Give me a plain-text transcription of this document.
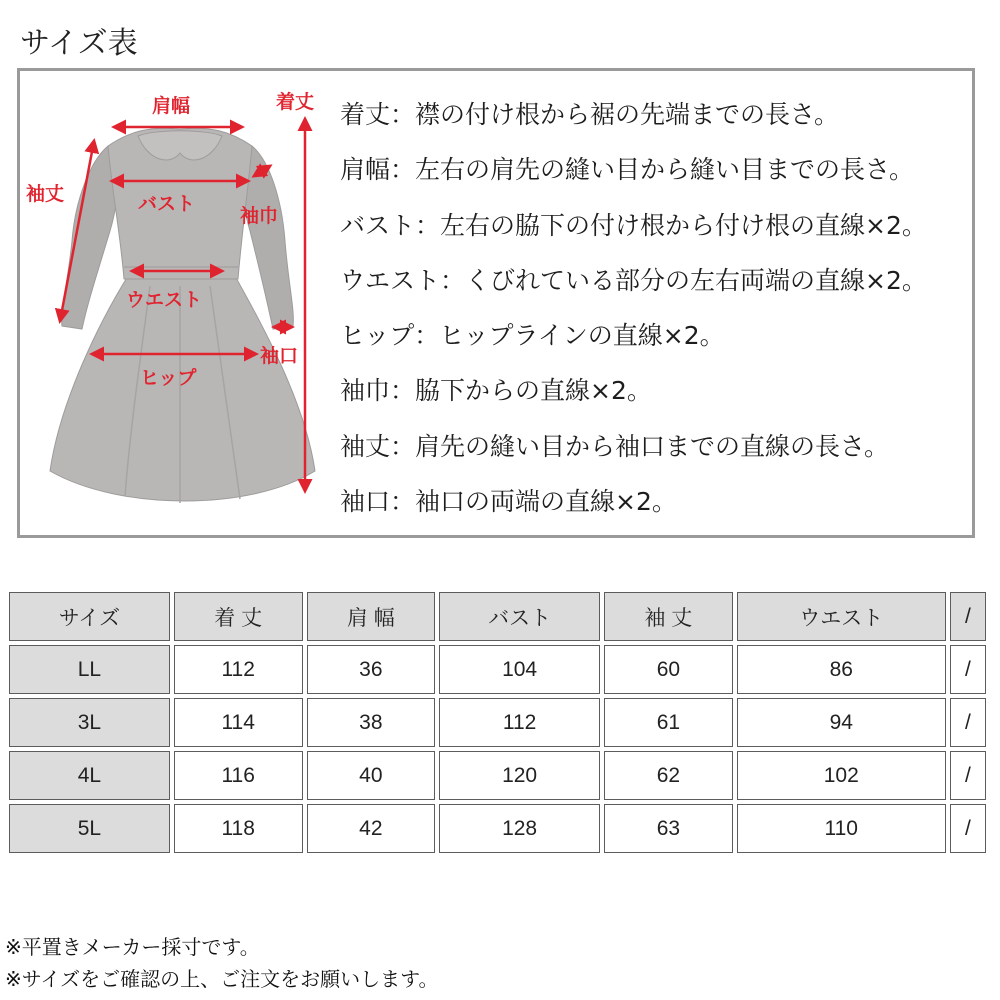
サイズ表
肩幅	着丈
袖丈	バスト
袖巾
ウエスト
袖口
ヒップ
着丈：襟の付け根から裾の先端までの長さ。
肩幅：左右の肩先の縫い目から縫い目までの長さ。
バスト：左右の脇下の付け根から付け根の直線×2。
ウエスト：くびれている部分の左右両端の直線×2。
ヒップ：ヒップラインの直線×2。
袖巾：脇下からの直線×2。
袖丈：肩先の縫い目から袖口までの直線の長さ。
袖口：袖口の両端の直線×2。
サイズ	着 丈	肩 幅	バスト	袖 丈	ウエスト	/
LL	112	36	104	60	86	/
3L	114	38	112	61	94	/
4L	116	40	120	62	102	/
5L	118	42	128	63	110	/
※平置きメーカー採寸です。
※サイズをご確認の上、ご注文をお願いします。
